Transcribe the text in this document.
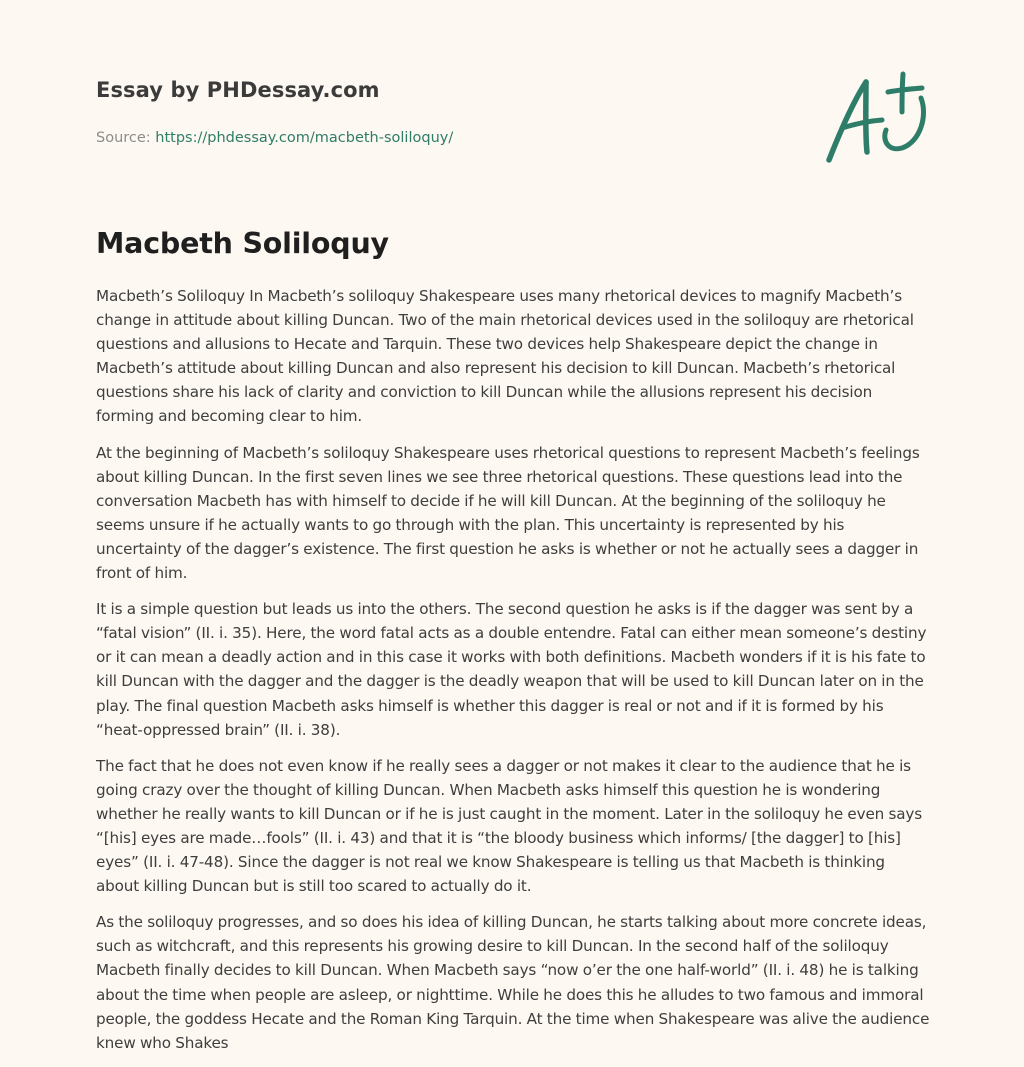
Essay by PHDessay.com
Source: https://phdessay.com/macbeth-soliloquy/
Macbeth Soliloquy

Macbeth’s Soliloquy In Macbeth’s soliloquy Shakespeare uses many rhetorical devices to magnify Macbeth’s change in attitude about killing Duncan. Two of the main rhetorical devices used in the soliloquy are rhetorical questions and allusions to Hecate and Tarquin. These two devices help Shakespeare depict the change in Macbeth’s attitude about killing Duncan and also represent his decision to kill Duncan. Macbeth’s rhetorical questions share his lack of clarity and conviction to kill Duncan while the allusions represent his decision forming and becoming clear to him.

At the beginning of Macbeth’s soliloquy Shakespeare uses rhetorical questions to represent Macbeth’s feelings about killing Duncan. In the first seven lines we see three rhetorical questions. These questions lead into the conversation Macbeth has with himself to decide if he will kill Duncan. At the beginning of the soliloquy he seems unsure if he actually wants to go through with the plan. This uncertainty is represented by his uncertainty of the dagger’s existence. The first question he asks is whether or not he actually sees a dagger in front of him.

It is a simple question but leads us into the others. The second question he asks is if the dagger was sent by a “fatal vision” (II. i. 35). Here, the word fatal acts as a double entendre. Fatal can either mean someone’s destiny or it can mean a deadly action and in this case it works with both definitions. Macbeth wonders if it is his fate to kill Duncan with the dagger and the dagger is the deadly weapon that will be used to kill Duncan later on in the play. The final question Macbeth asks himself is whether this dagger is real or not and if it is formed by his “heat-oppressed brain” (II. i. 38).

The fact that he does not even know if he really sees a dagger or not makes it clear to the audience that he is going crazy over the thought of killing Duncan. When Macbeth asks himself this question he is wondering whether he really wants to kill Duncan or if he is just caught in the moment. Later in the soliloquy he even says “[his] eyes are made…fools” (II. i. 43) and that it is “the bloody business which informs/ [the dagger] to [his] eyes” (II. i. 47-48). Since the dagger is not real we know Shakespeare is telling us that Macbeth is thinking about killing Duncan but is still too scared to actually do it.

As the soliloquy progresses, and so does his idea of killing Duncan, he starts talking about more concrete ideas, such as witchcraft, and this represents his growing desire to kill Duncan. In the second half of the soliloquy Macbeth finally decides to kill Duncan. When Macbeth says “now o’er the one half-world” (II. i. 48) he is talking about the time when people are asleep, or nighttime. While he does this he alludes to two famous and immoral people, the goddess Hecate and the Roman King Tarquin. At the time when Shakespeare was alive the audience knew who Shakes
